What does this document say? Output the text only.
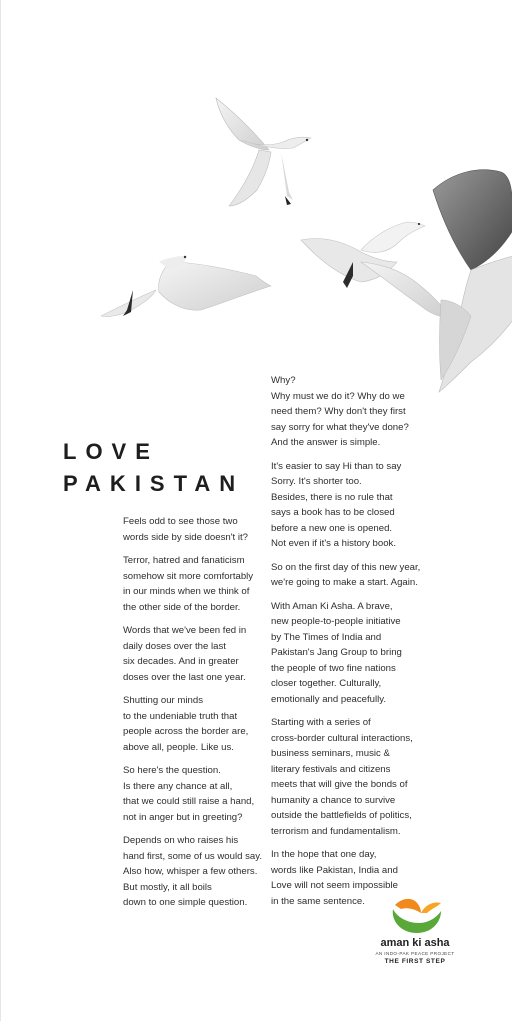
LOVE
PAKISTAN

Feels odd to see those two
words side by side doesn't it?

Terror, hatred and fanaticism
somehow sit more comfortably
in our minds when we think of
the other side of the border.

Words that we've been fed in
daily doses over the last
six decades. And in greater
doses over the last one year.

Shutting our minds
to the undeniable truth that
people across the border are,
above all, people. Like us.

So here's the question.
Is there any chance at all,
that we could still raise a hand,
not in anger but in greeting?

Depends on who raises his
hand first, some of us would say.
Also how, whisper a few others.
But mostly, it all boils
down to one simple question.

Why?
Why must we do it? Why do we
need them? Why don't they first
say sorry for what they've done?
And the answer is simple.

It's easier to say Hi than to say
Sorry. It's shorter too.
Besides, there is no rule that
says a book has to be closed
before a new one is opened.
Not even if it's a history book.

So on the first day of this new year,
we're going to make a start. Again.

With Aman Ki Asha. A brave,
new people-to-people initiative
by The Times of India and
Pakistan's Jang Group to bring
the people of two fine nations
closer together. Culturally,
emotionally and peacefully.

Starting with a series of
cross-border cultural interactions,
business seminars, music &
literary festivals and citizens
meets that will give the bonds of
humanity a chance to survive
outside the battlefields of politics,
terrorism and fundamentalism.

In the hope that one day,
words like Pakistan, India and
Love will not seem impossible
in the same sentence.

aman ki asha
AN INDO-PAK PEACE PROJECT
THE FIRST STEP
